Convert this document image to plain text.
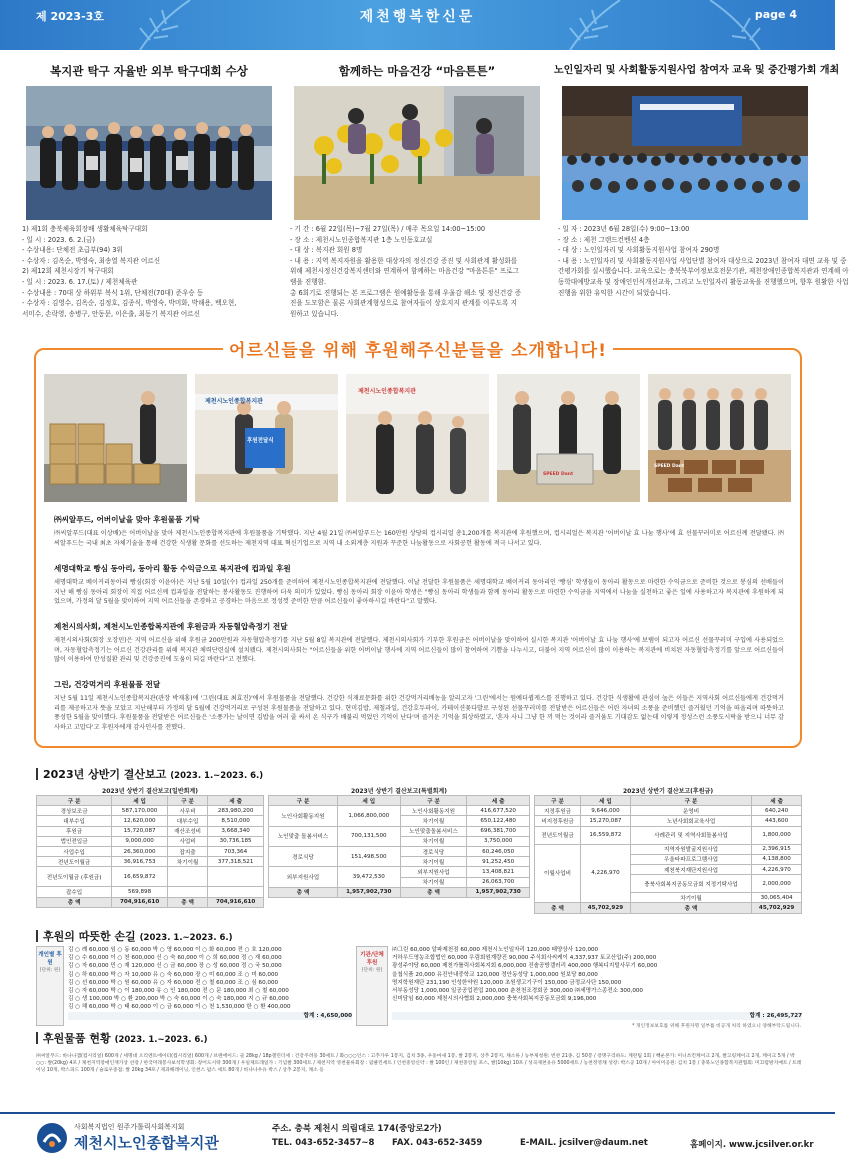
제 2023-3호	제천행복한신문	page 4
복지관 탁구 자율반 외부 탁구대회 수상
1) 제1회 충북체육회장배 생활체육탁구대회
- 일 시 : 2023. 6. 2.(금)
- 수상내용: 단체전 초급부(94) 3위
- 수상자 : 김옥순, 박영숙, 최송열 복지관 어르신
2) 제12회 제천시장기 탁구대회
- 일 시 : 2023. 6. 17.(토) / 제천체육관
- 수상내용 : 70대 상 하위부 복식 1위, 단체전(70대) 준우승 등
- 수상자 : 김영수, 김옥순, 김정호, 김종식, 박영숙, 박미화, 박해용, 백오현,
서미수, 손락영, 송병구, 안동문, 이은출, 최동기 복지관 어르신
함께하는 마음건강 “마음튼튼”
- 기 간 : 6월 22일(목)~7월 27일(목) / 매주 목요일 14:00~15:00
- 장 소 : 제천시노인종합복지관 1층 노인동호교실
- 대 상 : 복지관 회원 8명
- 내 용 : 지역 복지자원을 활용한 대상자의 정신건강 증진 및 사회관계 활성화를
위해 제천시정신건강복지센터와 연계하여 함께하는 마음건강 "마음튼튼" 프로그
램을 진행함.
총 6회기로 진행되는 본 프로그램은 원예활동을 통해 우울감 해소 및 정신건강 증
진을 도모함은 물론 사회관계형성으로 참여자들이 상호지지 관계를 이루도록 지
원하고 있습니다.
노인일자리 및 사회활동지원사업 참여자 교육 및 중간평가회 개최
- 일 자 : 2023년 6월 28일(수) 9:00~13:00
- 장 소 : 제천 그랜드컨벤션 4층
- 대 상 : 노인일자리 및 사회활동지원사업 참여자 290명
- 내 용 : 노인일자리 및 사회활동지원사업 사업단별 참여자 대상으로 2023년 참여자 대면 교육 및 중
간평가회를 실시했습니다. 교육으로는 충북북부어정보호전문기관, 제천장애인종합복지관과 연계해 아
동학대예방교육 및 장애인인식개선교육, 그리고 노인일자리 활동교육을 진행했으며, 향후 원활한 사업
진행을 위한 유익한 시간이 되었습니다.
어르신들을 위해 후원해주신분들을 소개합니다!
제천시노인종합복지관
후원전달식
제천시노인종합복지관
SPEED Dant
SPEED Dant
㈜씨알푸드, 어버이날을 맞아 후원물품 기탁

㈜씨알푸드(대표 이상배)은 어버이날을 맞아 제천시노인종합복지관에 후원물품을 기탁했다. 지난 4월 21일 ㈜씨알푸드는 160만원 상당의 컵시리얼 총1,200개를 복지관에 후원했으며, 컵시리얼은 복지관 '어버이날 효 나눔 행사'에 효 선물꾸러미로 어르신께 전달됐다. ㈜씨알푸드는 국내 최초 자체기술을 통해 건강한 식생활 문화를 선도하는 제천지역 대표 혁신기업으로 지역 내 소외계층 지원과 꾸준한 나눔활동으로 사회공헌 활동에 적극 나서고 있다.

세명대학교 빵심 동아리, 동아리 활동 수익금으로 복지관에 컵과일 후원

세명대학교 베이커리동아리 빵심(회장 이윤아)은 지난 5월 10일(수) 컵과일 250개를 준비하여 제천시노인종합복지관에 전달했다. 이날 전달한 후원물품은 세명대학교 베이커리 동아리인 '빵심' 학생들이 동아리 활동으로 마련한 수익금으로 준비한 것으로 봉심의 선배들이 지난 해 빵심 동아리 회장이 직접 어르신께 컵과일을 전달하는 봉사활동도 진행하여 더욱 의미가 있었다. 빵심 동아리 회장 이윤아 학생은 "빵심 동아리 학생들과 함께 동아리 활동으로 마련한 수익금을 지역에서 나눔을 실천하고 좋은 일에 사용하고자 복지관에 후원하게 되었으며, 가정의 달 5월을 맞이하여 지역 어르신들을 존경하고 공경하는 마음으로 정성껏 준비한 만큼 어르신들이 좋아하시길 바란다"고 말했다.

제천시의사회, 제천시노인종합복지관에 후원금과 자동혈압측정기 전달

제천시의사회(회장 오장민)은 지역 어르신을 위해 후원금 200만원과 자동혈압측정기를 지난 5월 8일 복지관에 전달했다. 제천시의사회가 기부한 후원금은 어버이날을 맞이하여 실시한 복지관 '어버이날 효 나눔 행사'에 보탬이 되고자 어르신 선물꾸러미 구입에 사용되었으며, 자동혈압측정기는 어르신 건강관리를 위해 복지관 체력단련실에 설치됐다. 제천시의사회는 "어르신들을 위한 어버이날 행사에 지역 어르신들이 많이 참여하여 기쁨을 나누시고, 더불어 지역 어르신이 많이 이용하는 복지관에 비치된 자동혈압측정기를 앞으로 어르신들이 많이 이용하여 만성질환 관리 및 건강증진에 도움이 되길 바란다"고 전했다.

그린, 건강먹거리 후원물품 전달

지난 5월 11일 제천시노인종합복지관(관장 박재홍)에 '그린(대표 최효진)'에서 후원물품을 전달했다. 건강한 식재료문화를 위한 건강먹거리배농을 알리고자 '그린'에서는 원예더큅게스를 진행하고 있다. 건강한 식생활에 관심이 높은 이들은 지역사회 어르신들에게 건강먹거리를 제공하고자 뜻을 모았고 지난해부터 가정의 달 5월에 건강먹거리로 구성된 후원물품을 전달하고 있다. 현미김밥, 제철과일, 건강호두파이, 카테이션꽃다발로 구성된 선물꾸러미를 전달받은 어르신들은 어린 자녀의 소풍을 준비했던 즐거웠던 기억을 떠올리며 따뜻하고 풍성한 5월을 맞이했다. 후원물품을 전달받은 어르신들은 '소풍가는 날이면 김밥을 여러 줄 싸서 온 식구가 배불리 먹었던 기억이 난다'며 즐거운 기억을 회상하였고, '혼자 사니 그냥 한 끼 먹는 것이라 즐거움도 기대감도 없는데 이렇게 정성스런 소풍도시락을 받으니 너무 감사하고 고맙다'고 후원자에게 감사인사를 전했다.

2023년 상반기 결산보고 (2023. 1.~2023. 6.)
2023년 상반기 결산보고(일반회계)
구 분	세 입	구 분	세 출
경상보조금	587,170,000	사무비	283,980,200
대부수입	12,620,000	대부수입	8,510,000
후원금	15,720,087	재산조성비	3,668,340
법인전입금	9,000,000	사업비	30,736,185
사업수입	26,360,000	잡지출	703,364
전년도이월금	36,916,753	차기이월	377,318,521
전년도이월금 (후원금)	16,659,872		
잡수입	569,898		
총 액	704,916,610	총 액	704,916,610
2023년 상반기 결산보고(특별회계)
구 분	세 입	구 분	세 출
노인사회활동지원	1,066,800,000	노인사회활동지원	416,677,520
		차기이월	650,122,480
노인맞춤 돌봄서비스	700,131,500	노인맞춤돌봄서비스	696,381,700
		차기이월	3,750,000
경로식당	151,498,500	경로식당	60,246,050
		차기이월	91,252,450
외부지원사업	39,472,530	외부지원사업	13,408,821
		차기이월	26,063,700
총 액	1,957,902,730	총 액	1,957,902,730
2023년 상반기 결산보고(후원금)
구 분	세 입	구 분	세 출
지정후원금	9,646,000	운영비	640,240
비지정후원금	15,270,087	노년사회회교육사업	443,600
전년도이월금	16,559,872	사례관리 및 지역사회돌봄사업	1,800,000
이월사업비	4,226,970	지역자원발굴지원사업	2,396,915
		우울타파프로그램사업	4,138,800
		제천북지재단지원사업	4,226,970
		충북사회복지공동모금회 지정기탁사업	2,000,000
		차기이월	30,065,404
총 액	45,702,929	총 액	45,702,929
후원의 따뜻한 손길 (2023. 1.~2023. 6.)
개인별 후원
(단위: 원)
김 ○ 례 60,000 임 ○ 동 60,000 박 ○ 영 60,000 이 ○ 화 60,000 전 ○ 호 120,000
김 ○ 수 60,000 이 ○ 천 600,000 신 ○ 숙 60,000 이 ○ 희 60,000 정 ○ 재 60,000
김 ○ 자 60,000 민 ○ 재 120,000 신 ○ 금 60,000 장 ○ 성 60,000 정 ○ 국 50,000
김 ○ 하 60,000 박 ○ 자 10,000 유 ○ 숙 60,000 장 ○ 미 60,000 조 ○ 미 60,000
김 ○ 선 60,000 박 ○ 원 60,000 유 ○ 자 60,000 전 ○ 철 60,000 조 ○ 심 60,000
김 ○ 자 60,000 박 ○ 이 180,000 유 ○ 인 180,000 전 ○ 문 180,000 최 ○ 철 60,000
김 ○ 생 100,000 박 ○ 환 200,000 박 ○ 숙 60,000 이 ○ 숙 180,000 지 ○ 규 60,000
김 ○ 해 60,000 박 ○ 태 60,000 이 ○ 금 60,000 이 ○ 천 1,530,000 한 ○ 환 400,000
합계 : 4,650,000
기관/단체 후원
(단위: 원)
㈜그린 60,000 알파제천점 60,000 제천시노인일자리 120,000 태양상사 120,000
거하우드영농조합법인 60,000 우림회원계량진 90,000 주식회사씨케이 4,337,937 토교산업(주) 200,000
광성주야당 60,000 제천가톨릭사회복지회 6,000,000 진솔공방갤러리 400,000 행복디지털사무기 60,000
을첩식품 20,000 유진안내중학교 120,000 정안동성당 1,000,000 원보당 80,000
명지학원재단 231,190 인성한약원 120,000 초원생고기구이 150,000 금정교사단 150,000
서부동성당 1,000,000 일공공업전업 200,000 춘천천조경회공 300,000 ㈜세명가스종전소 300,000
신미담임 60,000 제천시의사협회 2,000,000 충북사회복지공동모금회 9,196,000
합계 : 26,495,727
* 개인정보보호를 위해 후원자명 일부를 비공개 처리 하였으니 양해부탁드립니다.
후원물품 현황 (2023. 1.~2023. 6.)
㈜씨알푸드: 바나나잼(컵시리얼) 600개 / 세명대 오리엔트에이터(컵시리얼) 600개 / 브랜에이드: 골 28kg / 18p갤린더세 : 건강주려동 30세트 / 화○○○인스 : 고추가루 1봉지, 김치 3종, 우동마새 1봉, 쌀 2봉지, 상추 2봉지, 채소류 / 농부제청원: 빈찬 21종, 김 50봉 / 장명구리하도: 계란팀 1회 / 빽운본가: 미니쓰킨케이크 2개, 쌀고링케이크 2개, 케이크 5개 / 박○○: 쌀(20kg) 4포 / 제천지역장애인재가상 선장 / 한국미래봉사보석학생회: 장어도시락 300개 / 우일제트래일가 : 기념쌀 300세트 / 제천지역 영천물류회장 : 팜클린세트 / 인천중앙신약 : 쌀 100인 / 제천중앙일 포스, 쌀(10kg) 10포 / 성곡제천유유 5000세트 / 농천정영채 성장: 박스공 10개 / 아이미공원: 김치 1봉 / 충북노인종합복지관협회: 미끄럼방지매트 / 트레이닝 10개, 박스피드 100개 / 슬로우중점: 쌀 20kg 34포 / 제과해레이닝, 인천스 팜스 세트 80개 / 바나나우유 박스 / 상추 2봉지, 채소 등
사회복지법인 원주가톨릭사회복지회
제천시노인종합복지관
주소. 충북 제천시 의림대로 174(중앙로2가)
TEL. 043-652-3457~8 FAX. 043-652-3459	E-MAIL. jcsilver@daum.net	홈페이지. www.jcsilver.or.kr
